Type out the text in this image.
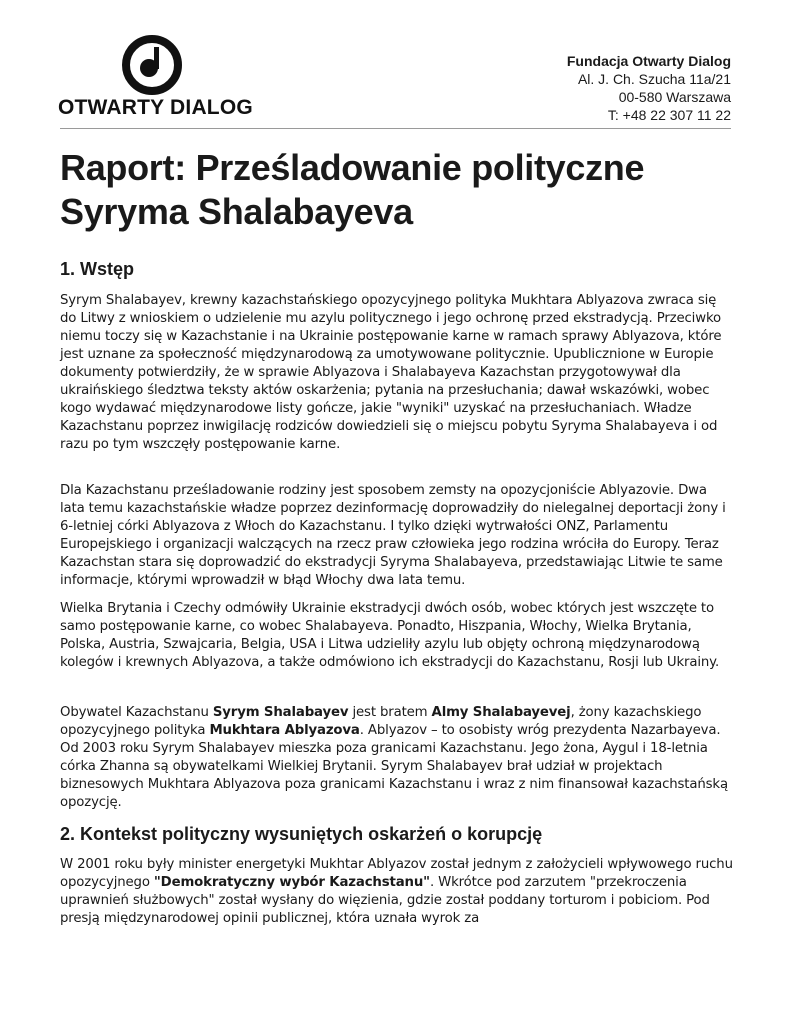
OTWARTY DIALOG
Fundacja Otwarty Dialog
Al. J. Ch. Szucha 11a/21
00-580 Warszawa
T: +48 22 307 11 22
Raport: Prześladowanie polityczne Syryma Shalabayeva
1. Wstęp

Syrym Shalabayev, krewny kazachstańskiego opozycyjnego polityka Mukhtara Ablyazova zwraca się do Litwy z wnioskiem o udzielenie mu azylu politycznego i jego ochronę przed ekstradycją. Przeciwko niemu toczy się w Kazachstanie i na Ukrainie postępowanie karne w ramach sprawy Ablyazova, które jest uznane za społeczność międzynarodową za umotywowane politycznie. Upublicznione w Europie dokumenty potwierdziły, że w sprawie Ablyazova i Shalabayeva Kazachstan przygotowywał dla ukraińskiego śledztwa teksty aktów oskarżenia; pytania na przesłuchania; dawał wskazówki, wobec kogo wydawać międzynarodowe listy gończe, jakie "wyniki" uzyskać na przesłuchaniach. Władze Kazachstanu poprzez inwigilację rodziców dowiedzieli się o miejscu pobytu Syryma Shalabayeva i od razu po tym wszczęły postępowanie karne.

Dla Kazachstanu prześladowanie rodziny jest sposobem zemsty na opozycjoniście Ablyazovie. Dwa lata temu kazachstańskie władze poprzez dezinformację doprowadziły do nielegalnej deportacji żony i 6-letniej córki Ablyazova z Włoch do Kazachstanu. I tylko dzięki wytrwałości ONZ, Parlamentu Europejskiego i organizacji walczących na rzecz praw człowieka jego rodzina wróciła do Europy. Teraz Kazachstan stara się doprowadzić do ekstradycji Syryma Shalabayeva, przedstawiając Litwie te same informacje, którymi wprowadził w błąd Włochy dwa lata temu.

Wielka Brytania i Czechy odmówiły Ukrainie ekstradycji dwóch osób, wobec których jest wszczęte to samo postępowanie karne, co wobec Shalabayeva. Ponadto, Hiszpania, Włochy, Wielka Brytania, Polska, Austria, Szwajcaria, Belgia, USA i Litwa udzieliły azylu lub objęty ochroną międzynarodową kolegów i krewnych Ablyazova, a także odmówiono ich ekstradycji do Kazachstanu, Rosji lub Ukrainy.

Obywatel Kazachstanu Syrym Shalabayev jest bratem Almy Shalabayevej, żony kazachskiego opozycyjnego polityka Mukhtara Ablyazova. Ablyazov – to osobisty wróg prezydenta Nazarbayeva. Od 2003 roku Syrym Shalabayev mieszka poza granicami Kazachstanu. Jego żona, Aygul i 18-letnia córka Zhanna są obywatelkami Wielkiej Brytanii. Syrym Shalabayev brał udział w projektach biznesowych Mukhtara Ablyazova poza granicami Kazachstanu i wraz z nim finansował kazachstańską opozycję.

2. Kontekst polityczny wysuniętych oskarżeń o korupcję

W 2001 roku były minister energetyki Mukhtar Ablyazov został jednym z założycieli wpływowego ruchu opozycyjnego "Demokratyczny wybór Kazachstanu". Wkrótce pod zarzutem "przekroczenia uprawnień służbowych" został wysłany do więzienia, gdzie został poddany torturom i pobiciom. Pod presją międzynarodowej opinii publicznej, która uznała wyrok za
